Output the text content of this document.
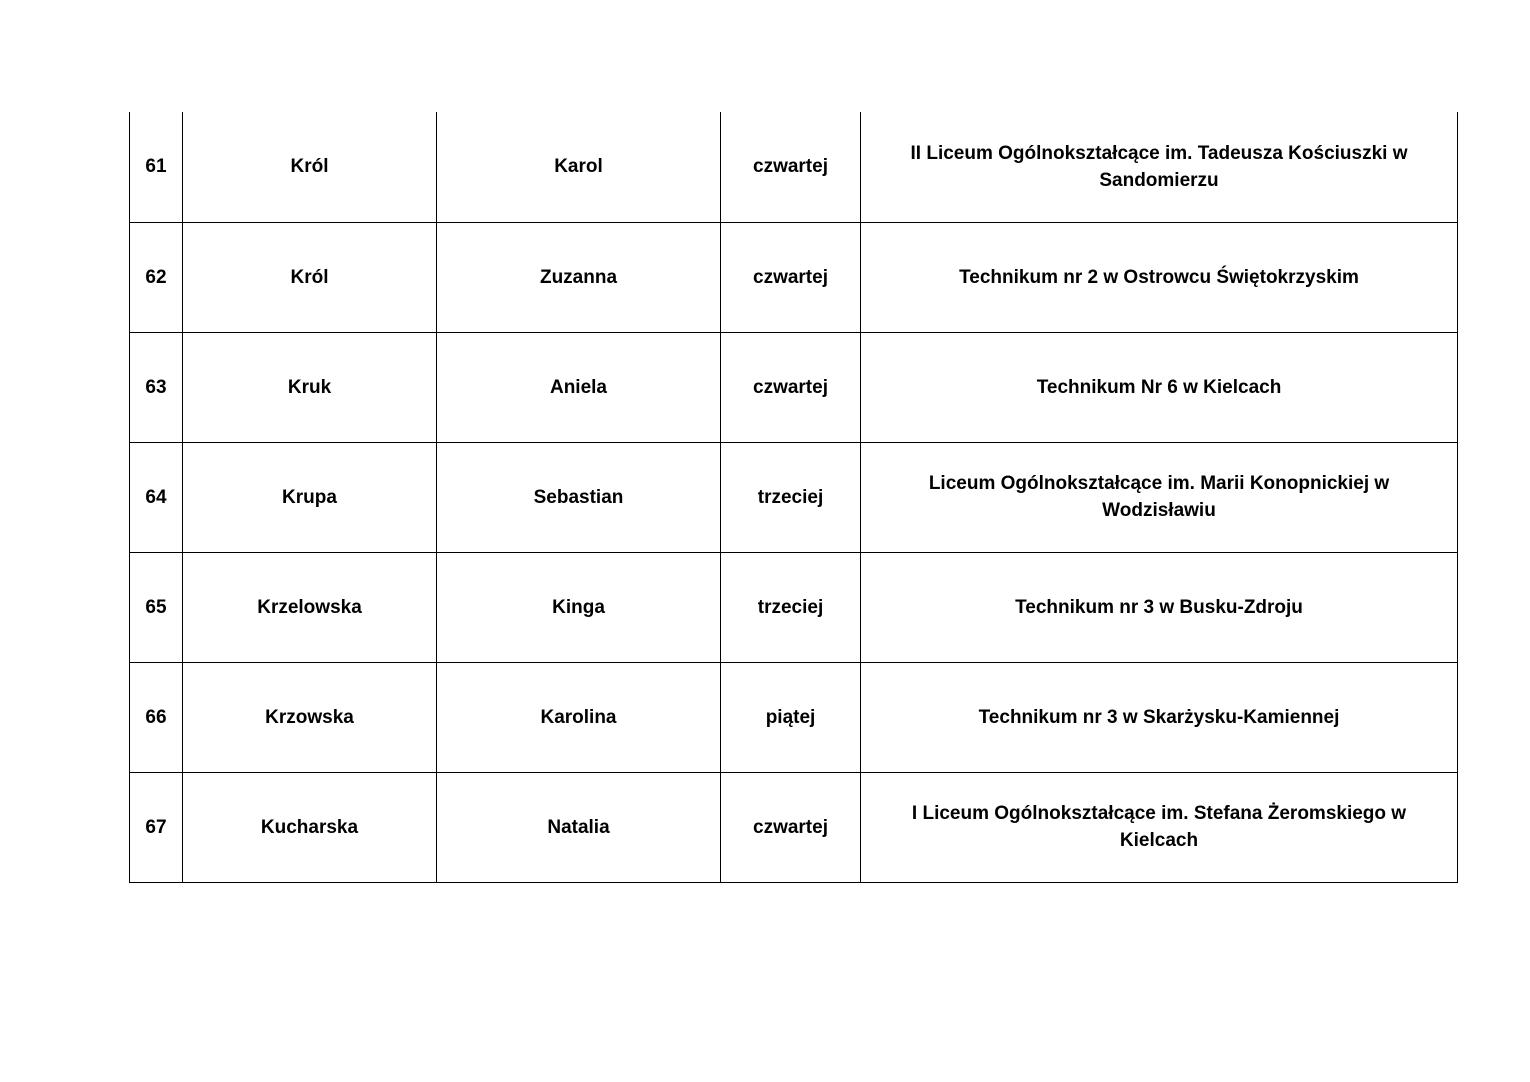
61	Król	Karol	czwartej	II Liceum Ogólnokształcące im. Tadeusza Kościuszki w Sandomierzu
62	Król	Zuzanna	czwartej	Technikum nr 2 w Ostrowcu Świętokrzyskim
63	Kruk	Aniela	czwartej	Technikum Nr 6 w Kielcach
64	Krupa	Sebastian	trzeciej	Liceum Ogólnokształcące im. Marii Konopnickiej w Wodzisławiu
65	Krzelowska	Kinga	trzeciej	Technikum nr 3 w Busku-Zdroju
66	Krzowska	Karolina	piątej	Technikum nr 3 w Skarżysku-Kamiennej
67	Kucharska	Natalia	czwartej	I Liceum Ogólnokształcące im. Stefana Żeromskiego w Kielcach
